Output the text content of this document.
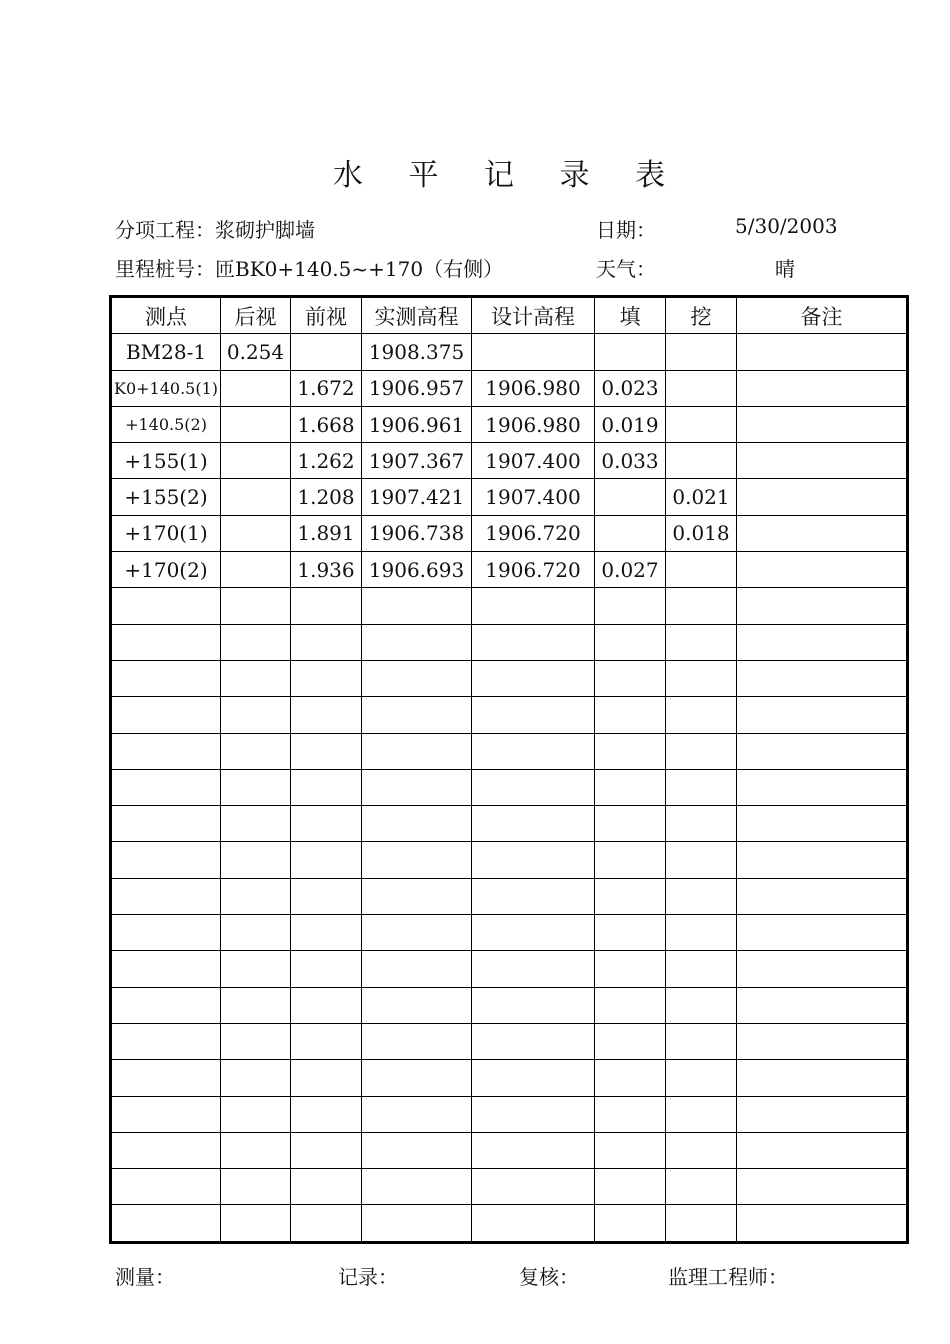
水 平 记 录 表
分项工程：浆砌护脚墙
里程桩号：匝BK0+140.5~+170（右侧）
日期：	5/30/2003
天气：	晴
测点	后视	前视	实测高程	设计高程	填	挖	备注
BM28-1	0.254		1908.375				
K0+140.5(1)		1.672	1906.957	1906.980	0.023		
+140.5(2)		1.668	1906.961	1906.980	0.019		
+155(1)		1.262	1907.367	1907.400	0.033		
+155(2)		1.208	1907.421	1907.400		0.021	
+170(1)		1.891	1906.738	1906.720		0.018	
+170(2)		1.936	1906.693	1906.720	0.027		

测量：	记录：	复核：	监理工程师：
